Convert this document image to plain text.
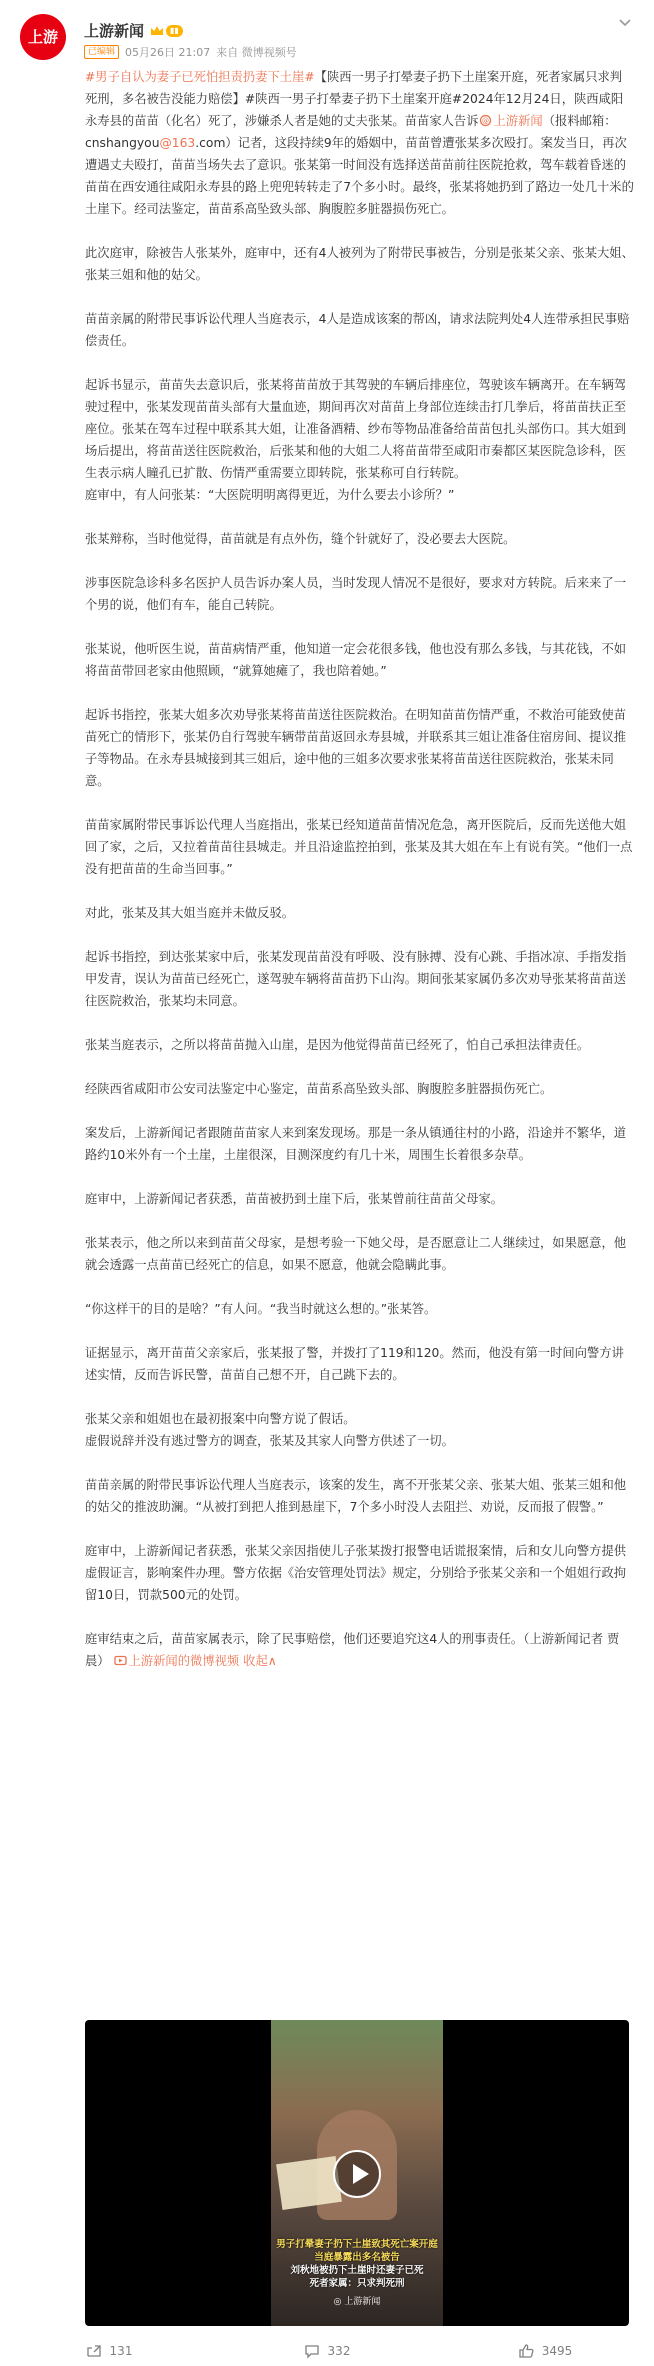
上游 上游新闻	▮▮
已编辑 05月26日 21:07 来自 微博视频号

#男子自认为妻子已死怕担责扔妻下土崖#【陕西一男子打晕妻子扔下土崖案开庭，死者家属只求判死刑，多名被告没能力赔偿】#陕西一男子打晕妻子扔下土崖案开庭#2024年12月24日，陕西咸阳永寿县的苗苗（化名）死了，涉嫌杀人者是她的丈夫张某。苗苗家人告诉 @ 上游新闻（报料邮箱：cnshangyou@163.com）记者，这段持续9年的婚姻中，苗苗曾遭张某多次殴打。案发当日，再次遭遇丈夫殴打，苗苗当场失去了意识。张某第一时间没有选择送苗苗前往医院抢救，驾车载着昏迷的苗苗在西安通往咸阳永寿县的路上兜兜转转走了7个多小时。最终，张某将她扔到了路边一处几十米的土崖下。经司法鉴定，苗苗系高坠致头部、胸腹腔多脏器损伤死亡。

此次庭审，除被告人张某外，庭审中，还有4人被列为了附带民事被告，分别是张某父亲、张某大姐、张某三姐和他的姑父。

苗苗亲属的附带民事诉讼代理人当庭表示，4人是造成该案的帮凶，请求法院判处4人连带承担民事赔偿责任。

起诉书显示，苗苗失去意识后，张某将苗苗放于其驾驶的车辆后排座位，驾驶该车辆离开。在车辆驾驶过程中，张某发现苗苗头部有大量血迹，期间再次对苗苗上身部位连续击打几拳后，将苗苗扶正至座位。张某在驾车过程中联系其大姐，让准备酒精、纱布等物品准备给苗苗包扎头部伤口。其大姐到场后提出，将苗苗送往医院救治，后张某和他的大姐二人将苗苗带至咸阳市秦都区某医院急诊科，医生表示病人瞳孔已扩散、伤情严重需要立即转院，张某称可自行转院。

庭审中，有人问张某：“大医院明明离得更近，为什么要去小诊所？”

张某辩称，当时他觉得，苗苗就是有点外伤，缝个针就好了，没必要去大医院。

涉事医院急诊科多名医护人员告诉办案人员，当时发现人情况不是很好，要求对方转院。后来来了一个男的说，他们有车，能自己转院。

张某说，他听医生说，苗苗病情严重，他知道一定会花很多钱，他也没有那么多钱，与其花钱，不如将苗苗带回老家由他照顾，“就算她瘫了，我也陪着她。”

起诉书指控，张某大姐多次劝导张某将苗苗送往医院救治。在明知苗苗伤情严重，不救治可能致使苗苗死亡的情形下，张某仍自行驾驶车辆带苗苗返回永寿县城，并联系其三姐让准备住宿房间、提议推子等物品。在永寿县城接到其三姐后，途中他的三姐多次要求张某将苗苗送往医院救治，张某未同意。

苗苗家属附带民事诉讼代理人当庭指出，张某已经知道苗苗情况危急，离开医院后，反而先送他大姐回了家，之后，又拉着苗苗往县城走。并且沿途监控拍到，张某及其大姐在车上有说有笑。“他们一点没有把苗苗的生命当回事。”

对此，张某及其大姐当庭并未做反驳。

起诉书指控，到达张某家中后，张某发现苗苗没有呼吸、没有脉搏、没有心跳、手指冰凉、手指发指甲发青，误认为苗苗已经死亡，遂驾驶车辆将苗苗扔下山沟。期间张某家属仍多次劝导张某将苗苗送往医院救治，张某均未同意。

张某当庭表示，之所以将苗苗抛入山崖，是因为他觉得苗苗已经死了，怕自己承担法律责任。

经陕西省咸阳市公安司法鉴定中心鉴定，苗苗系高坠致头部、胸腹腔多脏器损伤死亡。

案发后，上游新闻记者跟随苗苗家人来到案发现场。那是一条从镇通往村的小路，沿途并不繁华，道路约10米外有一个土崖，土崖很深，目测深度约有几十米，周围生长着很多杂草。

庭审中，上游新闻记者获悉，苗苗被扔到土崖下后，张某曾前往苗苗父母家。

张某表示，他之所以来到苗苗父母家，是想考验一下她父母，是否愿意让二人继续过，如果愿意，他就会透露一点苗苗已经死亡的信息，如果不愿意，他就会隐瞒此事。

“你这样干的目的是啥？”有人问。“我当时就这么想的。”张某答。

证据显示，离开苗苗父亲家后，张某报了警，并拨打了119和120。然而，他没有第一时间向警方讲述实情，反而告诉民警，苗苗自己想不开，自己跳下去的。

张某父亲和姐姐也在最初报案中向警方说了假话。

虚假说辞并没有逃过警方的调查，张某及其家人向警方供述了一切。

苗苗亲属的附带民事诉讼代理人当庭表示，该案的发生，离不开张某父亲、张某大姐、张某三姐和他的姑父的推波助澜。“从被打到把人推到悬崖下，7个多小时没人去阻拦、劝说，反而报了假警。”

庭审中，上游新闻记者获悉，张某父亲因指使儿子张某拨打报警电话谎报案情，后和女儿向警方提供虚假证言，影响案件办理。警方依据《治安管理处罚法》规定，分别给予张某父亲和一个姐姐行政拘留10日，罚款500元的处罚。

庭审结束之后，苗苗家属表示，除了民事赔偿，他们还要追究这4人的刑事责任。（上游新闻记者 贾晨） 上游新闻的微博视频 收起∧

男子打晕妻子扔下土崖致其死亡案开庭
当庭暴露出多名被告
刘秋地被扔下土崖时还妻子已死
死者家属：只求判死刑
◎ 上游新闻
131	332	3495
